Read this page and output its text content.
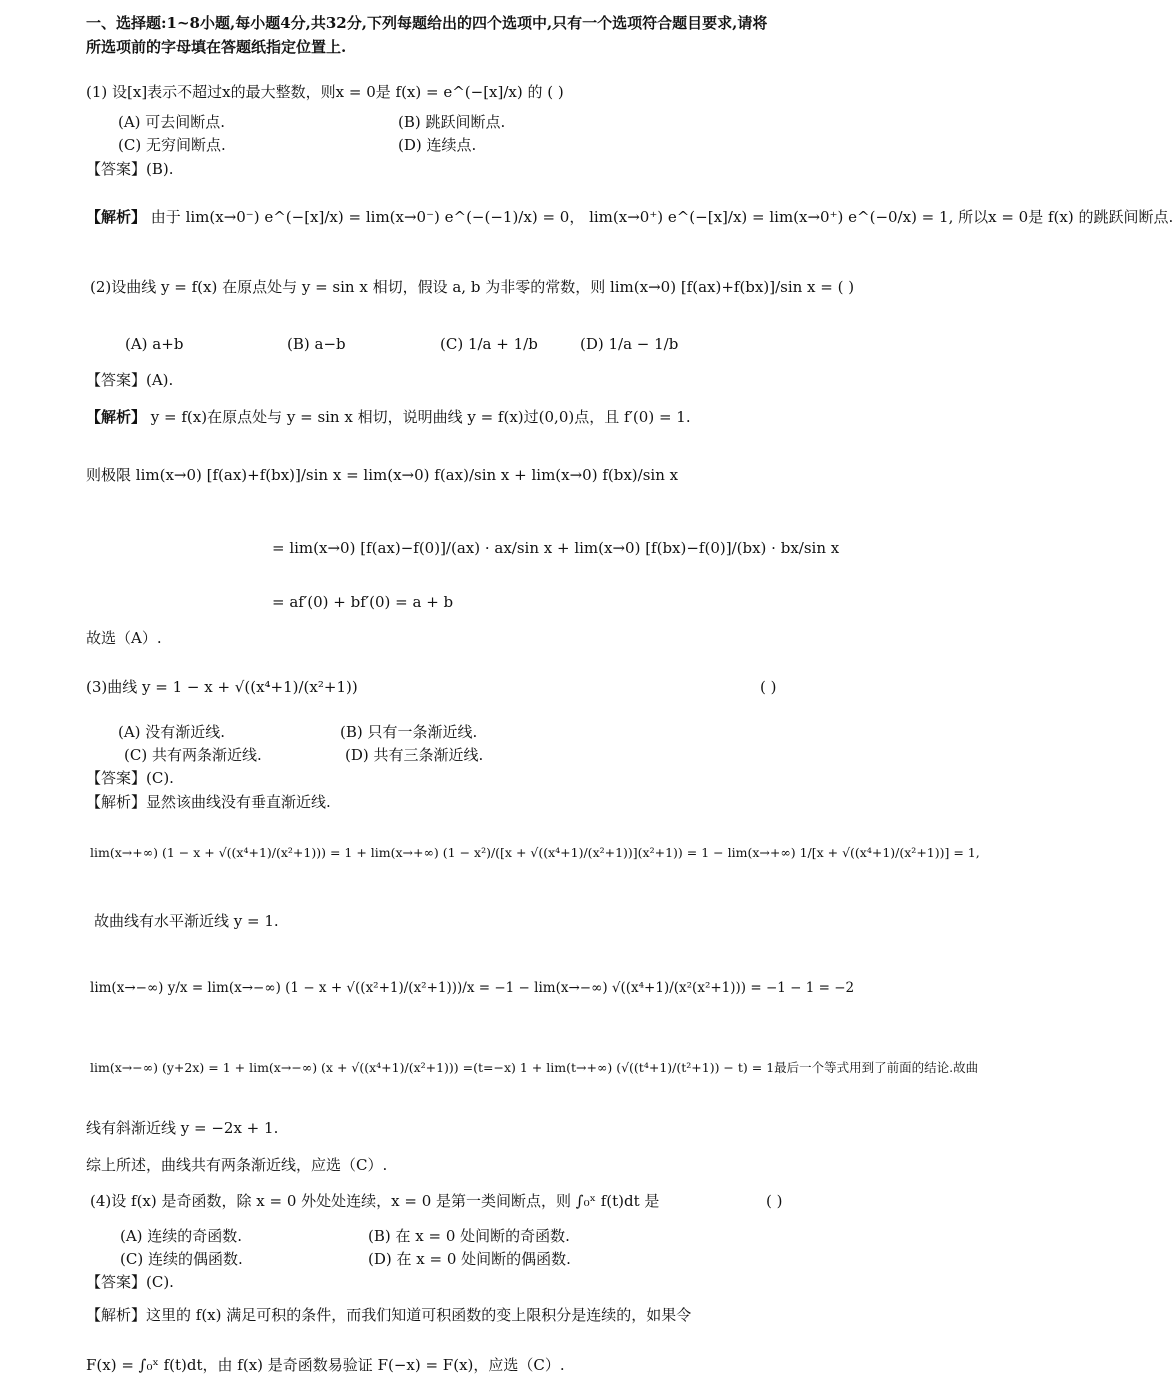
一、选择题:1~8小题,每小题4分,共32分,下列每题给出的四个选项中,只有一个选项符合题目要求,请将
所选项前的字母填在答题纸指定位置上.
(1) 设[x]表示不超过x的最大整数，则x = 0是 f(x) = e^(−[x]/x) 的 ( )
(A) 可去间断点.	(B) 跳跃间断点.
(C) 无穷间断点.	(D) 连续点.
【答案】(B).
【解析】 由于 lim(x→0⁻) e^(−[x]/x) = lim(x→0⁻) e^(−(−1)/x) = 0， lim(x→0⁺) e^(−[x]/x) = lim(x→0⁺) e^(−0/x) = 1, 所以x = 0是 f(x) 的跳跃间断点.
(2)设曲线 y = f(x) 在原点处与 y = sin x 相切，假设 a, b 为非零的常数，则 lim(x→0) [f(ax)+f(bx)]/sin x = ( )
(A) a+b	(B) a−b	(C) 1/a + 1/b	(D) 1/a − 1/b
【答案】(A).
【解析】 y = f(x)在原点处与 y = sin x 相切，说明曲线 y = f(x)过(0,0)点，且 f′(0) = 1.
则极限 lim(x→0) [f(ax)+f(bx)]/sin x = lim(x→0) f(ax)/sin x + lim(x→0) f(bx)/sin x
= lim(x→0) [f(ax)−f(0)]/(ax) · ax/sin x + lim(x→0) [f(bx)−f(0)]/(bx) · bx/sin x
= af′(0) + bf′(0) = a + b
故选（A）.
(3)曲线 y = 1 − x + √((x⁴+1)/(x²+1))	( )
(A) 没有渐近线.	(B) 只有一条渐近线.
(C) 共有两条渐近线.	(D) 共有三条渐近线.
【答案】(C).
【解析】显然该曲线没有垂直渐近线.
lim(x→+∞) (1 − x + √((x⁴+1)/(x²+1))) = 1 + lim(x→+∞) (1 − x²)/([x + √((x⁴+1)/(x²+1))](x²+1)) = 1 − lim(x→+∞) 1/[x + √((x⁴+1)/(x²+1))] = 1,
故曲线有水平渐近线 y = 1.
lim(x→−∞) y/x = lim(x→−∞) (1 − x + √((x²+1)/(x²+1)))/x = −1 − lim(x→−∞) √((x⁴+1)/(x²(x²+1))) = −1 − 1 = −2
lim(x→−∞) (y+2x) = 1 + lim(x→−∞) (x + √((x⁴+1)/(x²+1))) =(t=−x) 1 + lim(t→+∞) (√((t⁴+1)/(t²+1)) − t) = 1最后一个等式用到了前面的结论.故曲
线有斜渐近线 y = −2x + 1.
综上所述，曲线共有两条渐近线，应选（C）.
(4)设 f(x) 是奇函数，除 x = 0 外处处连续，x = 0 是第一类间断点，则 ∫₀ˣ f(t)dt 是	( )
(A) 连续的奇函数.	(B) 在 x = 0 处间断的奇函数.
(C) 连续的偶函数.	(D) 在 x = 0 处间断的偶函数.
【答案】(C).
【解析】这里的 f(x) 满足可积的条件，而我们知道可积函数的变上限积分是连续的，如果令
F(x) = ∫₀ˣ f(t)dt，由 f(x) 是奇函数易验证 F(−x) = F(x)，应选（C）.
